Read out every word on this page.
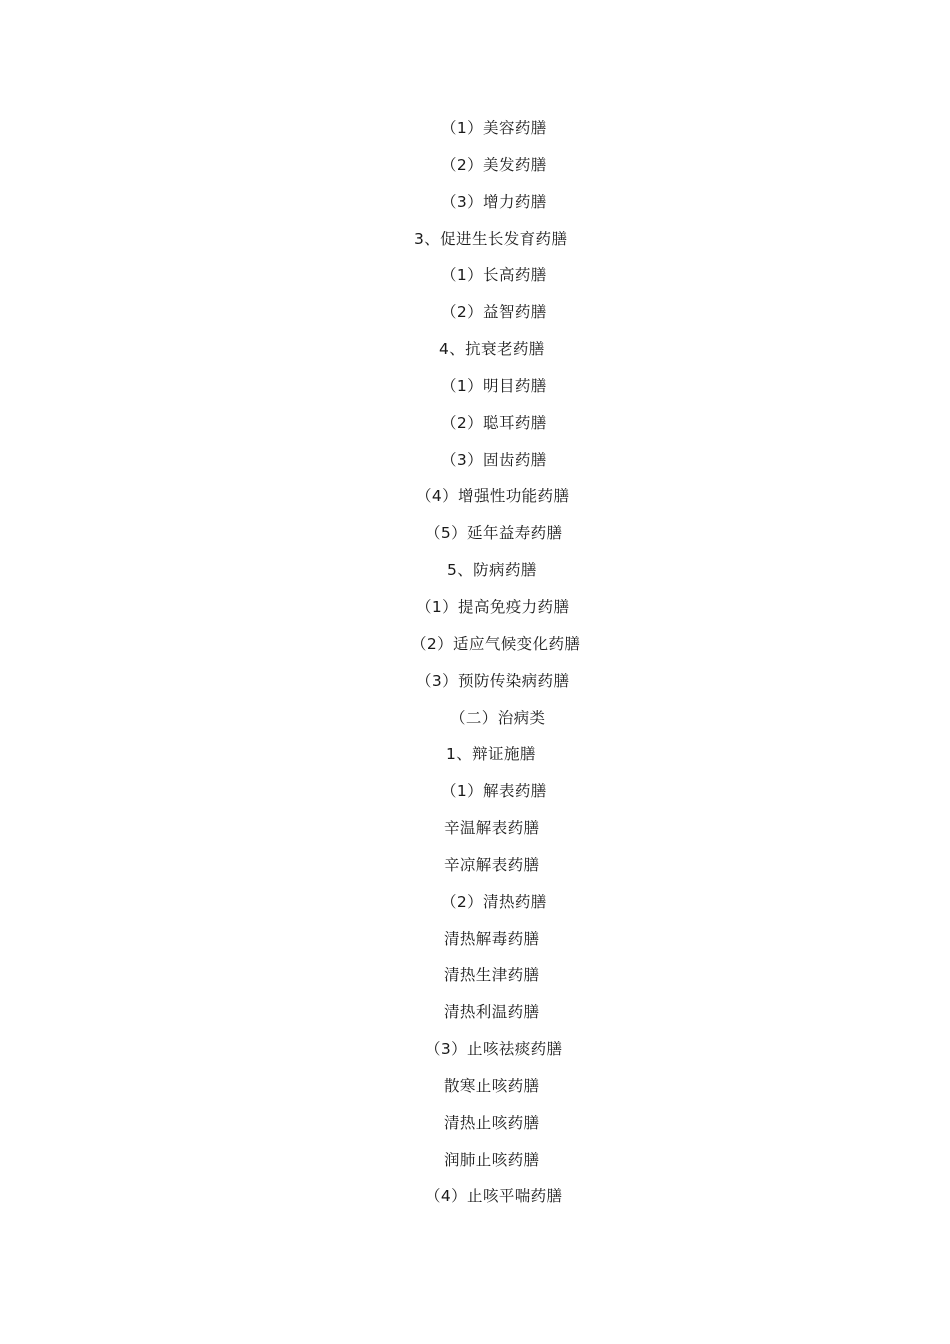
（1）美容药膳
（2）美发药膳
（3）增力药膳
3、促进生长发育药膳
（1）长高药膳
（2）益智药膳
4、抗衰老药膳
（1）明目药膳
（2）聪耳药膳
（3）固齿药膳
（4）增强性功能药膳
（5）延年益寿药膳
5、防病药膳
（1）提高免疫力药膳
（2）适应气候变化药膳
（3）预防传染病药膳
（二）治病类
1、辩证施膳
（1）解表药膳
辛温解表药膳
辛凉解表药膳
（2）清热药膳
清热解毒药膳
清热生津药膳
清热利温药膳
（3）止咳祛痰药膳
散寒止咳药膳
清热止咳药膳
润肺止咳药膳
（4）止咳平喘药膳
